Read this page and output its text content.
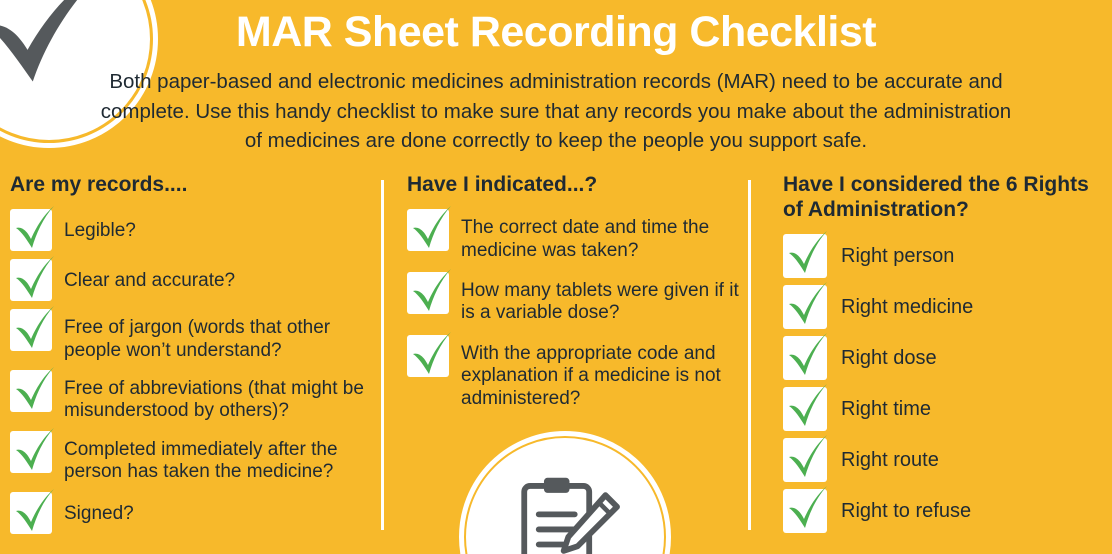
MAR Sheet Recording Checklist

Both paper-based and electronic medicines administration records (MAR) need to be accurate and complete. Use this handy checklist to make sure that any records you make about the administration of medicines are done correctly to keep the people you support safe.

Are my records....
Legible?
Clear and accurate?
Free of jargon (words that other people won’t understand?
Free of abbreviations (that might be misunderstood by others)?
Completed immediately after the person has taken the medicine?
Signed?
Have I indicated...?
The correct date and time the medicine was taken?
How many tablets were given if it is a variable dose?
With the appropriate code and explanation if a medicine is not administered?
Have I considered the 6 Rights of Administration?
Right person
Right medicine
Right dose
Right time
Right route
Right to refuse
